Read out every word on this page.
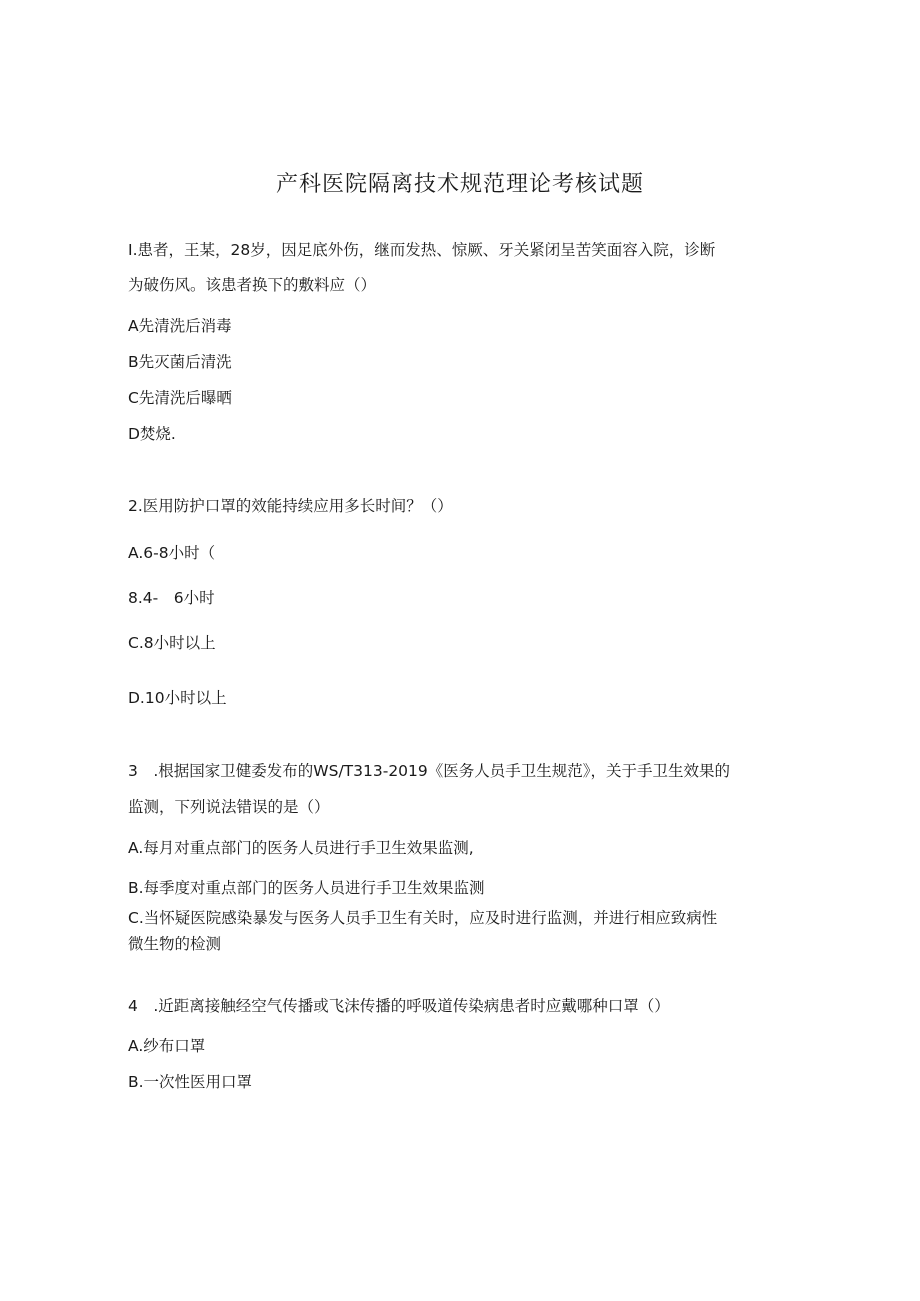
产科医院隔离技术规范理论考核试题
I.患者，王某，28岁，因足底外伤，继而发热、惊厥、牙关紧闭呈苦笑面容入院，诊断
为破伤风。该患者换下的敷料应（）
A先清洗后消毒
B先灭菌后清洗
C先清洗后曝晒
D焚烧.
2.医用防护口罩的效能持续应用多长时间？（）
A.6-8小时（
8.4-　6小时
C.8小时以上
D.10小时以上
3　.根据国家卫健委发布的WS/T313-2019《医务人员手卫生规范》，关于手卫生效果的
监测，下列说法错误的是（）
A.每月对重点部门的医务人员进行手卫生效果监测,
B.每季度对重点部门的医务人员进行手卫生效果监测
C.当怀疑医院感染暴发与医务人员手卫生有关时，应及时进行监测，并进行相应致病性
微生物的检测
4　.近距离接触经空气传播或飞沫传播的呼吸道传染病患者时应戴哪种口罩（）
A.纱布口罩
B.一次性医用口罩
